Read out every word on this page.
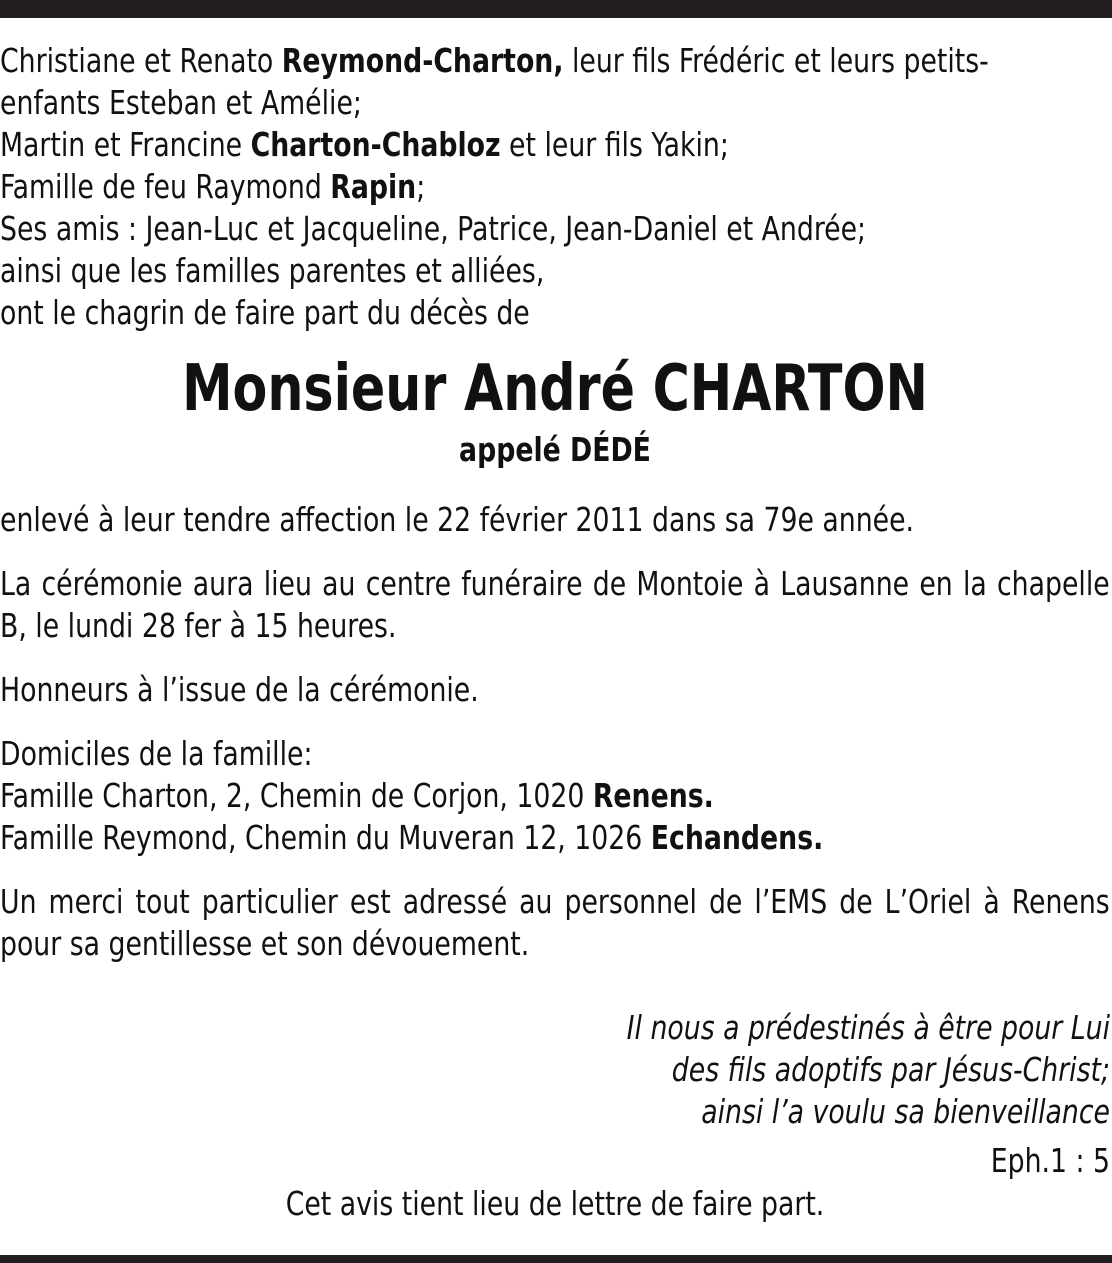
Christiane et Renato Reymond-Charton, leur fils Frédéric et leurs petits-

enfants Esteban et Amélie;

Martin et Francine Charton-Chabloz et leur fils Yakin;

Famille de feu Raymond Rapin;

Ses amis : Jean-Luc et Jacqueline, Patrice, Jean-Daniel et Andrée;

ainsi que les familles parentes et alliées,

ont le chagrin de faire part du décès de

Monsieur André CHARTON

appelé DÉDÉ

enlevé à leur tendre affection le 22 février 2011 dans sa 79e année.

La cérémonie aura lieu au centre funéraire de Montoie à Lausanne en la chapelle B, le lundi 28 fer à 15 heures.

Honneurs à l’issue de la cérémonie.

Domiciles de la famille:

Famille Charton, 2, Chemin de Corjon, 1020 Renens.

Famille Reymond, Chemin du Muveran 12, 1026 Echandens.

Un merci tout particulier est adressé au personnel de l’EMS de L’Oriel à Renens pour sa gentillesse et son dévouement.

Il nous a prédestinés à être pour Lui

des fils adoptifs par Jésus-Christ;

ainsi l’a voulu sa bienveillance

Eph.1 : 5

Cet avis tient lieu de lettre de faire part.
